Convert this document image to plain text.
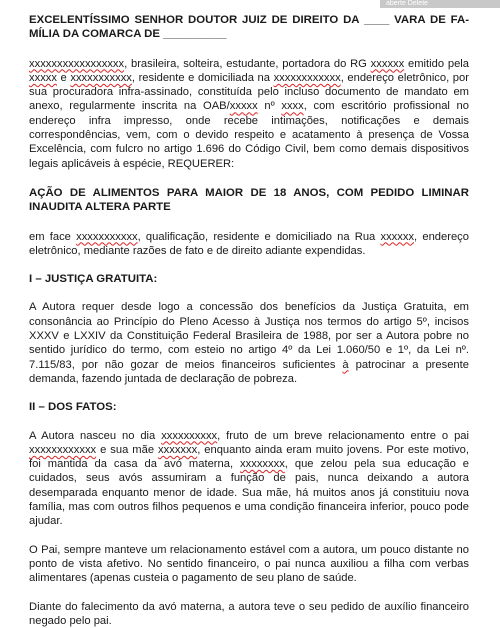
aberte Delete

EXCELENTÍSSIMO SENHOR DOUTOR JUIZ DE DIREITO DA ____ VARA DE FA- MÍLIA DA COMARCA DE __________

xxxxxxxxxxxxxxxxx, brasileira, solteira, estudante, portadora do RG xxxxxx emitido pela xxxxx e xxxxxxxxxxx, residente e domiciliada na xxxxxxxxxxxx, endereço eletrônico, por sua procuradora infra-assinado, constituída pelo incluso documento de mandato em anexo, regularmente inscrita na OAB/xxxxx nº xxxx, com escritório profissional no endereço infra impresso, onde recebe intimações, notificações e demais correspondências, vem, com o devido respeito e acatamento à presença de Vossa Excelência, com fulcro no artigo 1.696 do Código Civil, bem como demais dispositivos legais aplicáveis à espécie, REQUERER:

AÇÃO DE ALIMENTOS PARA MAIOR DE 18 ANOS, COM PEDIDO LIMINAR INAUDITA ALTERA PARTE

em face xxxxxxxxxxx, qualificação, residente e domiciliado na Rua xxxxxx, endereço eletrônico, mediante razões de fato e de direito adiante expendidas.

I – JUSTIÇA GRATUITA:

A Autora requer desde logo a concessão dos benefícios da Justiça Gratuita, em consonância ao Princípio do Pleno Acesso à Justiça nos termos do artigo 5º, incisos XXXV e LXXIV da Constituição Federal Brasileira de 1988, por ser a Autora pobre no sentido jurídico do termo, com esteio no artigo 4º da Lei 1.060/50 e 1º, da Lei nº. 7.115/83, por não gozar de meios financeiros suficientes à patrocinar a presente demanda, fazendo juntada de declaração de pobreza.

II – DOS FATOS:

A Autora nasceu no dia xxxxxxxxxx, fruto de um breve relacionamento entre o pai xxxxxxxxxxxx e sua mãe xxxxxxx, enquanto ainda eram muito jovens. Por este motivo, foi mantida da casa da avó materna, xxxxxxxx, que zelou pela sua educação e cuidados, seus avós assumiram a função de pais, nunca deixando a autora desemparada enquanto menor de idade. Sua mãe, há muitos anos já constituiu nova família, mas com outros filhos pequenos e uma condição financeira inferior, pouco pode ajudar.

O Pai, sempre manteve um relacionamento estável com a autora, um pouco distante no ponto de vista afetivo. No sentido financeiro, o pai nunca auxiliou a filha com verbas alimentares (apenas custeia o pagamento de seu plano de saúde.

Diante do falecimento da avó materna, a autora teve o seu pedido de auxílio financeiro negado pelo pai.
